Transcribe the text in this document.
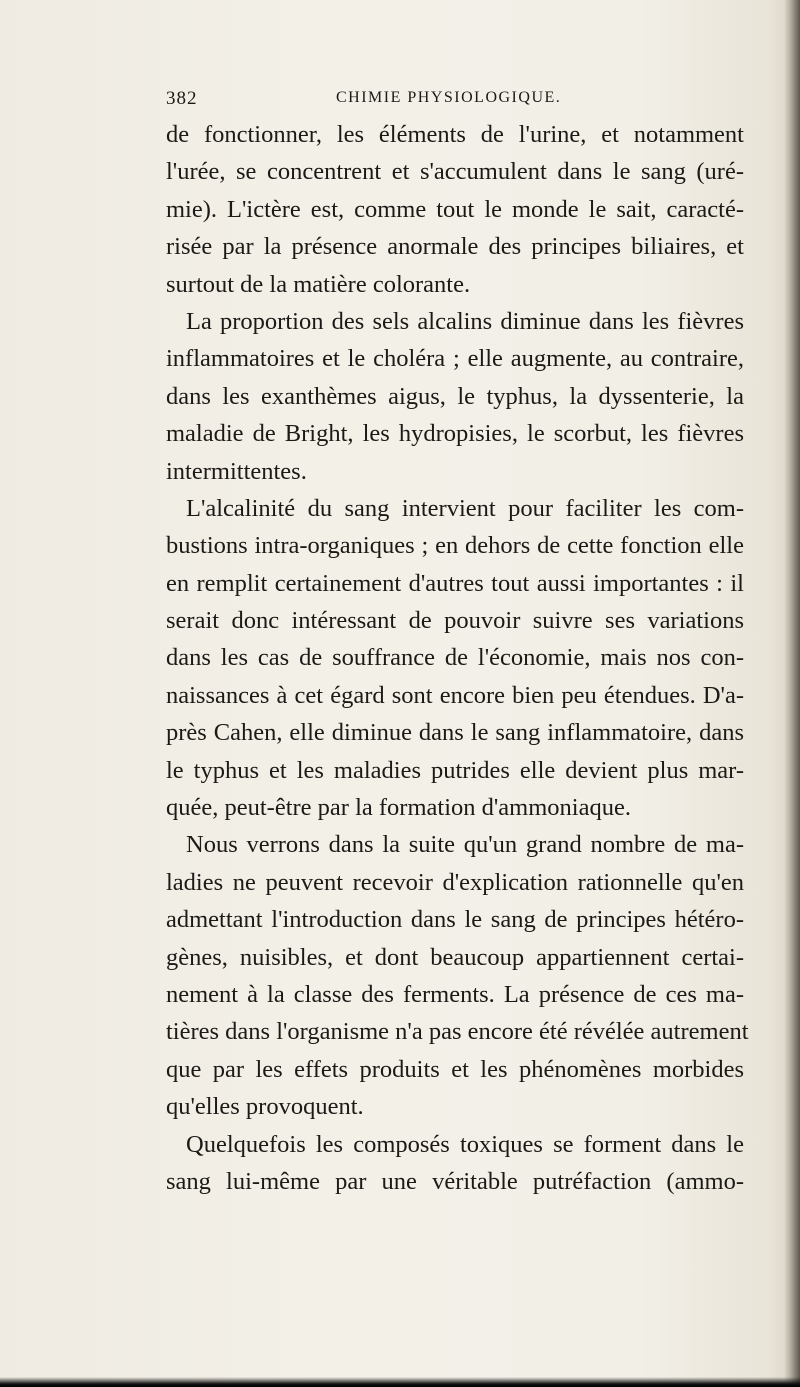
382	CHIMIE PHYSIOLOGIQUE.
de fonctionner, les éléments de l'urine, et notamment
l'urée, se concentrent et s'accumulent dans le sang (uré-
mie). L'ictère est, comme tout le monde le sait, caracté-
risée par la présence anormale des principes biliaires, et
surtout de la matière colorante.
La proportion des sels alcalins diminue dans les fièvres
inflammatoires et le choléra ; elle augmente, au contraire,
dans les exanthèmes aigus, le typhus, la dyssenterie, la
maladie de Bright, les hydropisies, le scorbut, les fièvres
intermittentes.
L'alcalinité du sang intervient pour faciliter les com-
bustions intra-organiques ; en dehors de cette fonction elle
en remplit certainement d'autres tout aussi importantes : il
serait donc intéressant de pouvoir suivre ses variations
dans les cas de souffrance de l'économie, mais nos con-
naissances à cet égard sont encore bien peu étendues. D'a-
près Cahen, elle diminue dans le sang inflammatoire, dans
le typhus et les maladies putrides elle devient plus mar-
quée, peut-être par la formation d'ammoniaque.
Nous verrons dans la suite qu'un grand nombre de ma-
ladies ne peuvent recevoir d'explication rationnelle qu'en
admettant l'introduction dans le sang de principes hétéro-
gènes, nuisibles, et dont beaucoup appartiennent certai-
nement à la classe des ferments. La présence de ces ma-
tières dans l'organisme n'a pas encore été révélée autrement
que par les effets produits et les phénomènes morbides
qu'elles provoquent.
Quelquefois les composés toxiques se forment dans le
sang lui-même par une véritable putréfaction (ammo-
